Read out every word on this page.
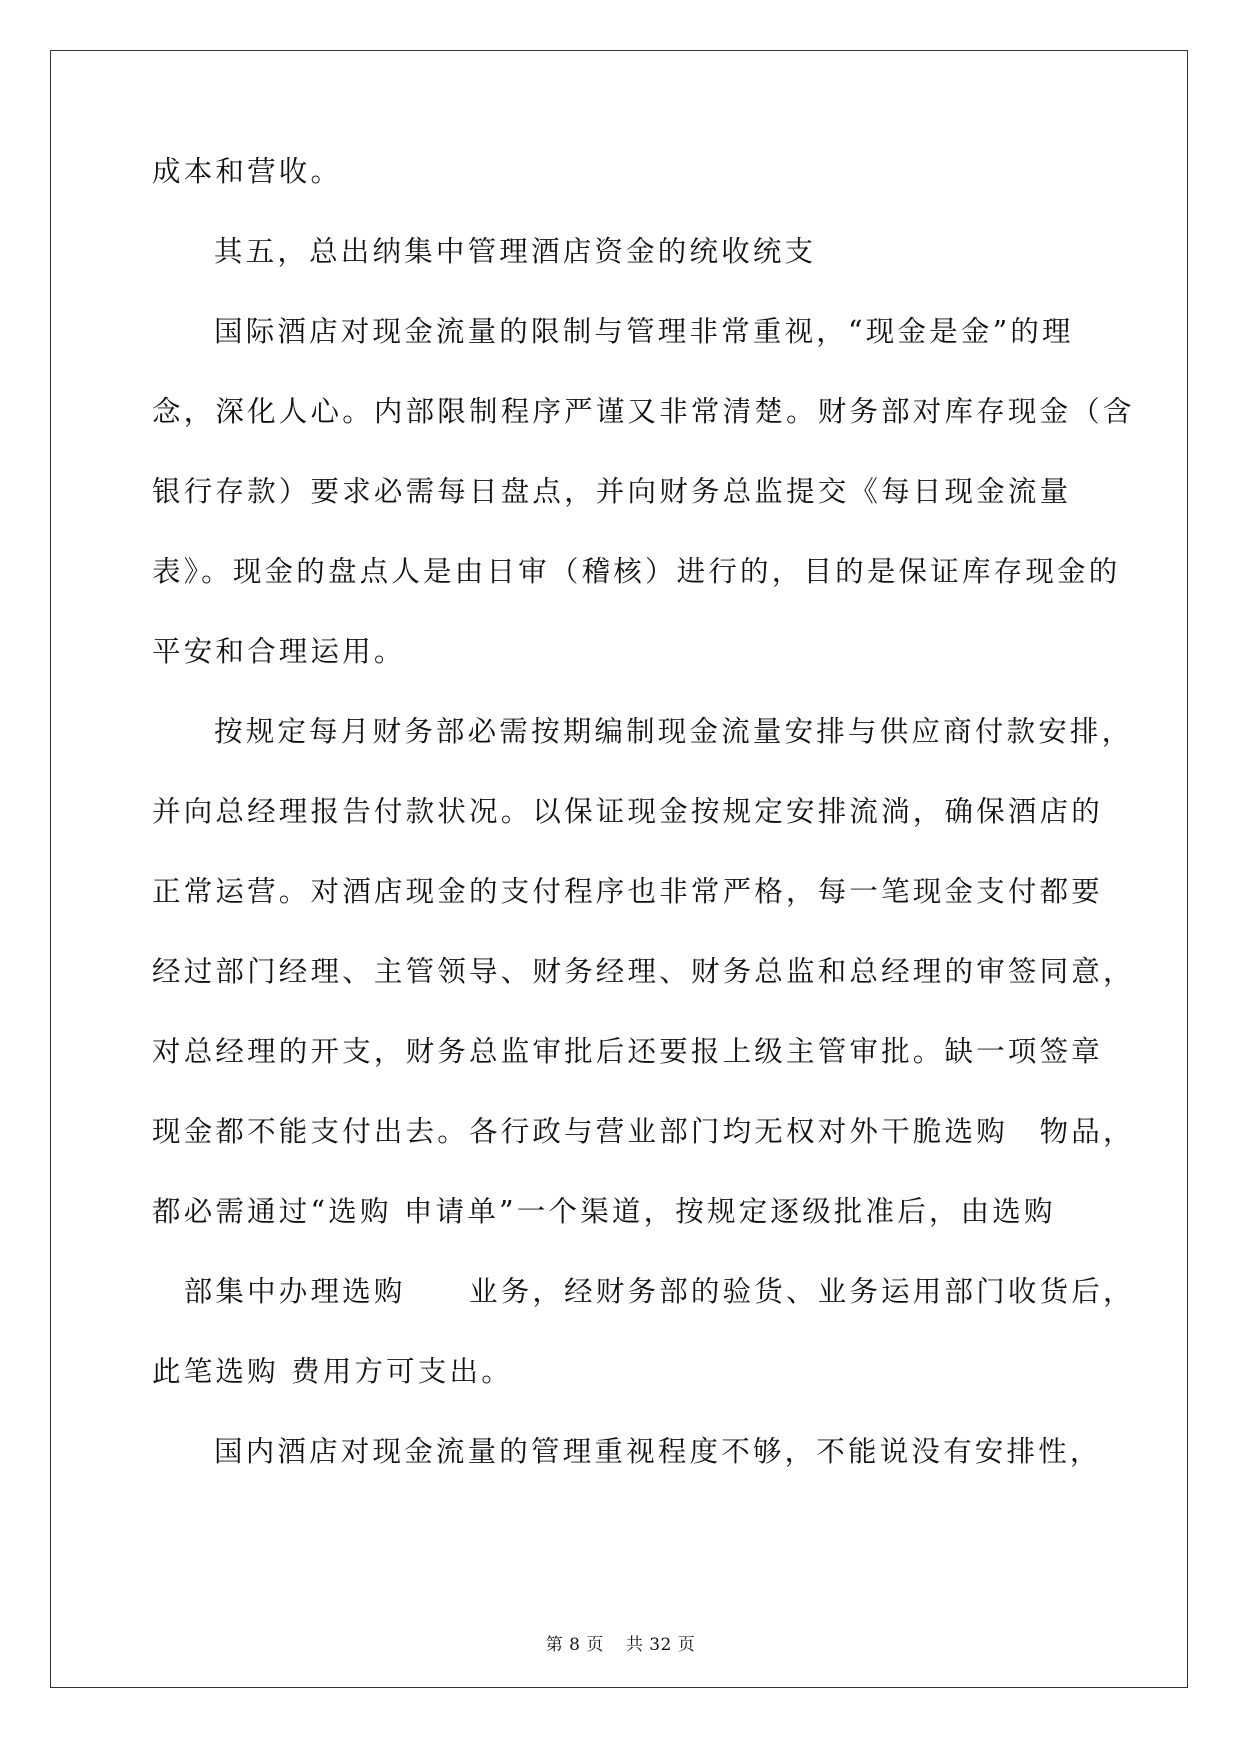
成本和营收。
其五，总出纳集中管理酒店资金的统收统支
国际酒店对现金流量的限制与管理非常重视，“现金是金”的理
念，深化人心。内部限制程序严谨又非常清楚。财务部对库存现金（含
银行存款）要求必需每日盘点，并向财务总监提交《每日现金流量
表》。现金的盘点人是由日审（稽核）进行的，目的是保证库存现金的
平安和合理运用。
按规定每月财务部必需按期编制现金流量安排与供应商付款安排，
并向总经理报告付款状况。以保证现金按规定安排流淌，确保酒店的
正常运营。对酒店现金的支付程序也非常严格，每一笔现金支付都要
经过部门经理、主管领导、财务经理、财务总监和总经理的审签同意，
对总经理的开支，财务总监审批后还要报上级主管审批。缺一项签章
现金都不能支付出去。各行政与营业部门均无权对外干脆选购　物品，
都必需通过“选购 申请单”一个渠道，按规定逐级批准后，由选购
　部集中办理选购　　业务，经财务部的验货、业务运用部门收货后，
此笔选购 费用方可支出。
国内酒店对现金流量的管理重视程度不够，不能说没有安排性，
第 8 页 共 32 页
